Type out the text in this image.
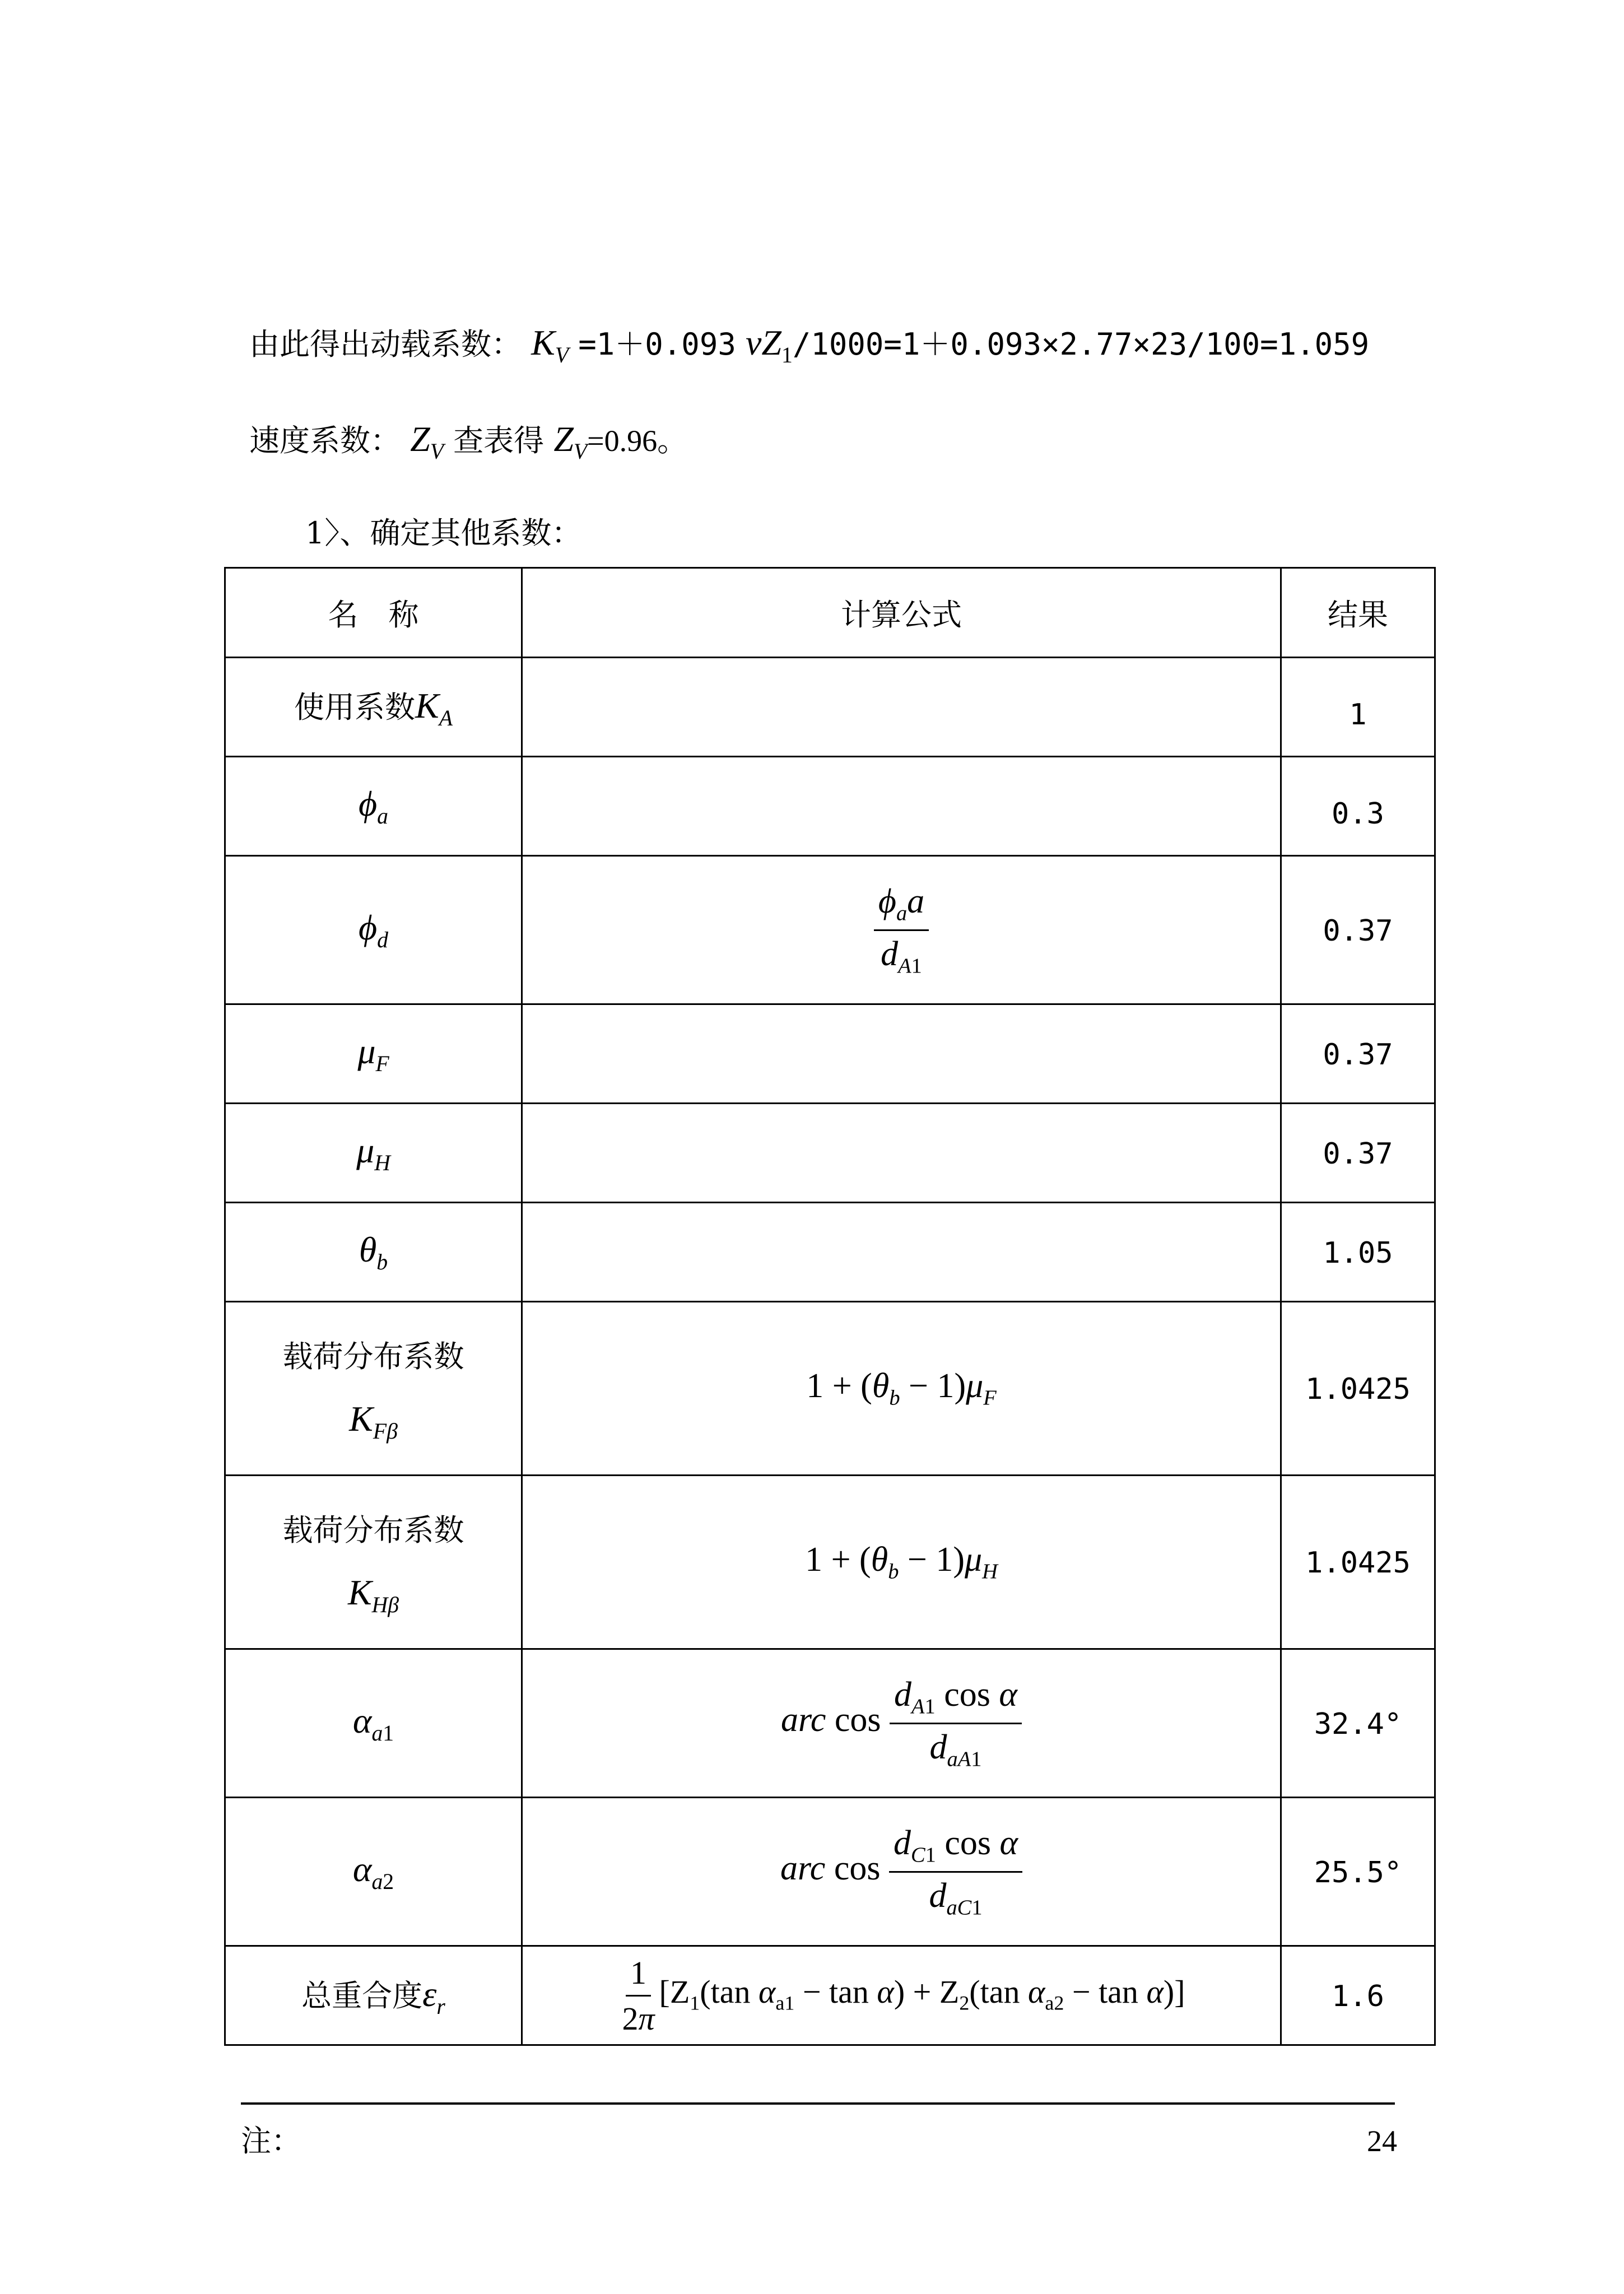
由此得出动载系数： $K_V =1+0.093$ $vZ_1/1000=1+0.093\times 2.77\times 23/100=1.059$
速度系数： $Z_V$ 查表得 $Z_V=0.96$。
1〉、确定其他系数：
名　称	计算公式	结果
使用系数$K_A$		1
$\phi_a$		0.3
$\phi_d$	$\frac{\phi_aa}{d_{A1}}$	0.37
$\mu_F$		0.37
$\mu_H$		0.37
$\theta_b$		1.05

载荷分布系数
$K_{F\beta}$	$1 + (\theta_b - 1)\mu_F$	1.0425

载荷分布系数
$K_{H\beta}$	$1 + (\theta_b - 1)\mu_H$	1.0425
$\alpha_{a1}$	arc $\cos \frac{d_{A1} \cos \alpha}{d_{aA1}}$	32.4°
$\alpha_{a2}$	arc $\cos \frac{d_{C1} \cos \alpha}{d_{aC1}}$	25.5°
总重合度$\varepsilon_r$	$\frac{1}{2\pi} [Z_1(\tan$ $\alpha_{a1} - \tan \alpha) + Z_2(\tan$ $\alpha_{a2} - \tan \alpha$)]	1.6
注：	24
